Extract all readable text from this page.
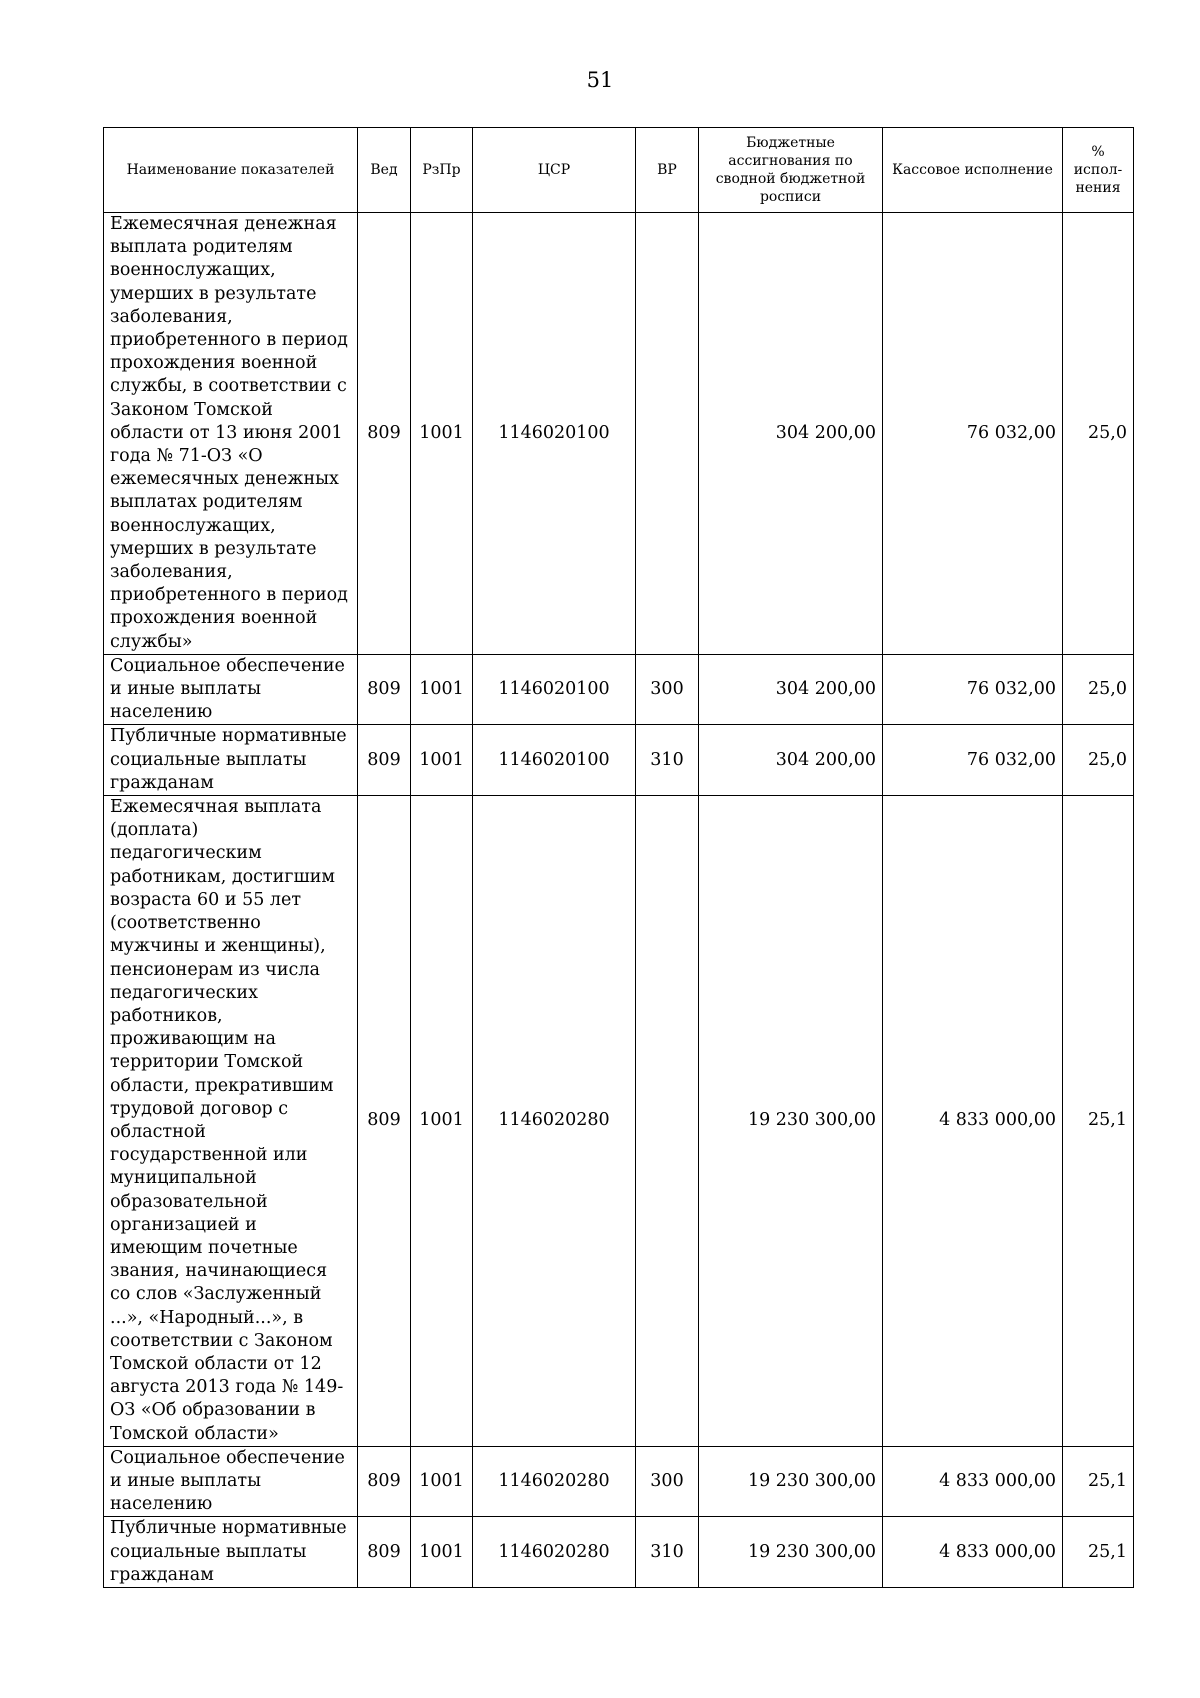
51
Наименование показателей	Вед	РзПр	ЦСР	ВР	Бюджетные ассигнования по сводной бюджетной росписи	Кассовое исполнение	% испол-нения
Ежемесячная денежная выплата родителям военнослужащих, умерших в результате заболевания, приобретенного в период прохождения военной службы, в соответствии с Законом Томской области от 13 июня 2001 года № 71-ОЗ «О ежемесячных денежных выплатах родителям военнослужащих, умерших в результате заболевания, приобретенного в период прохождения военной службы»	809	1001	1146020100		304 200,00	76 032,00	25,0
Социальное обеспечение и иные выплаты населению	809	1001	1146020100	300	304 200,00	76 032,00	25,0
Публичные нормативные социальные выплаты гражданам	809	1001	1146020100	310	304 200,00	76 032,00	25,0
Ежемесячная выплата (доплата) педагогическим работникам, достигшим возраста 60 и 55 лет (соответственно мужчины и женщины), пенсионерам из числа педагогических работников, проживающим на территории Томской области, прекратившим трудовой договор с областной государственной или муниципальной образовательной организацией и имеющим почетные звания, начинающиеся со слов «Заслуженный ...», «Народный...», в соответствии с Законом Томской области от 12 августа 2013 года № 149-ОЗ «Об образовании в Томской области»	809	1001	1146020280		19 230 300,00	4 833 000,00	25,1
Социальное обеспечение и иные выплаты населению	809	1001	1146020280	300	19 230 300,00	4 833 000,00	25,1
Публичные нормативные социальные выплаты гражданам	809	1001	1146020280	310	19 230 300,00	4 833 000,00	25,1
